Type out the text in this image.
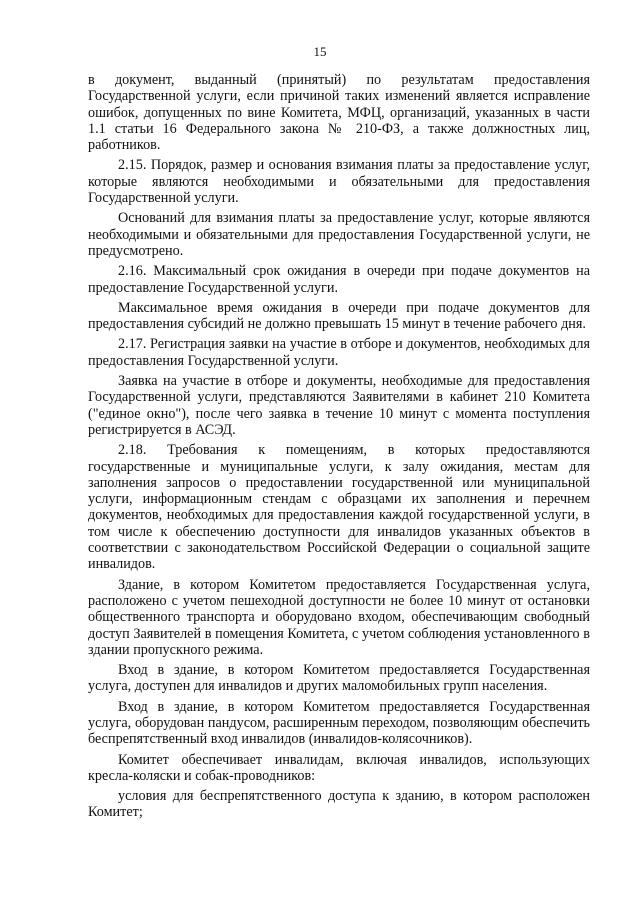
15

в документ, выданный (принятый) по результатам предоставления Государственной услуги, если причиной таких изменений является исправление ошибок, допущенных по вине Комитета, МФЦ, организаций, указанных в части 1.1 статьи 16 Федерального закона № 210-ФЗ, а также должностных лиц, работников.

2.15. Порядок, размер и основания взимания платы за предоставление услуг, которые являются необходимыми и обязательными для предоставления Государственной услуги.

Оснований для взимания платы за предоставление услуг, которые являются необходимыми и обязательными для предоставления Государственной услуги, не предусмотрено.

2.16. Максимальный срок ожидания в очереди при подаче документов на предоставление Государственной услуги.

Максимальное время ожидания в очереди при подаче документов для предоставления субсидий не должно превышать 15 минут в течение рабочего дня.

2.17. Регистрация заявки на участие в отборе и документов, необходимых для предоставления Государственной услуги.

Заявка на участие в отборе и документы, необходимые для предоставления Государственной услуги, представляются Заявителями в кабинет 210 Комитета ("единое окно"), после чего заявка в течение 10 минут с момента поступления регистрируется в АСЭД.

2.18. Требования к помещениям, в которых предоставляются государственные и муниципальные услуги, к залу ожидания, местам для заполнения запросов о предоставлении государственной или муниципальной услуги, информационным стендам с образцами их заполнения и перечнем документов, необходимых для предоставления каждой государственной услуги, в том числе к обеспечению доступности для инвалидов указанных объектов в соответствии с законодательством Российской Федерации о социальной защите инвалидов.

Здание, в котором Комитетом предоставляется Государственная услуга, расположено с учетом пешеходной доступности не более 10 минут от остановки общественного транспорта и оборудовано входом, обеспечивающим свободный доступ Заявителей в помещения Комитета, с учетом соблюдения установленного в здании пропускного режима.

Вход в здание, в котором Комитетом предоставляется Государственная услуга, доступен для инвалидов и других маломобильных групп населения.

Вход в здание, в котором Комитетом предоставляется Государственная услуга, оборудован пандусом, расширенным переходом, позволяющим обеспечить беспрепятственный вход инвалидов (инвалидов-колясочников).

Комитет обеспечивает инвалидам, включая инвалидов, использующих кресла-коляски и собак-проводников:

условия для беспрепятственного доступа к зданию, в котором расположен Комитет;
